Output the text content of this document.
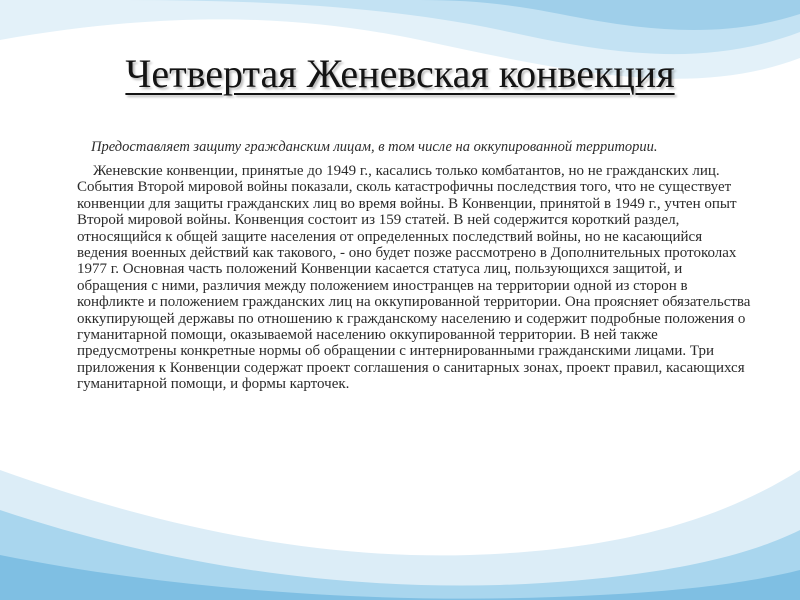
Четвертая Женевская конвекция

Предоставляет защиту гражданским лицам, в том числе на оккупированной территории.

Женевские конвенции, принятые до 1949 г., касались только комбатантов, но не гражданских лиц. События Второй мировой войны показали, сколь катастрофичны последствия того, что не существует конвенции для защиты гражданских лиц во время войны. В Конвенции, принятой в 1949 г., учтен опыт Второй мировой войны. Конвенция состоит из 159 статей. В ней содержится короткий раздел, относящийся к общей защите населения от определенных последствий войны, но не касающийся ведения военных действий как такового, - оно будет позже рассмотрено в Дополнительных протоколах 1977 г. Основная часть положений Конвенции касается статуса лиц, пользующихся защитой, и обращения с ними, различия между положением иностранцев на территории одной из сторон в конфликте и положением гражданских лиц на оккупированной территории. Она проясняет обязательства оккупирующей державы по отношению к гражданскому населению и содержит подробные положения о гуманитарной помощи, оказываемой населению оккупированной территории. В ней также предусмотрены конкретные нормы об обращении с интернированными гражданскими лицами. Три приложения к Конвенции содержат проект соглашения о санитарных зонах, проект правил, касающихся гуманитарной помощи, и формы карточек.
